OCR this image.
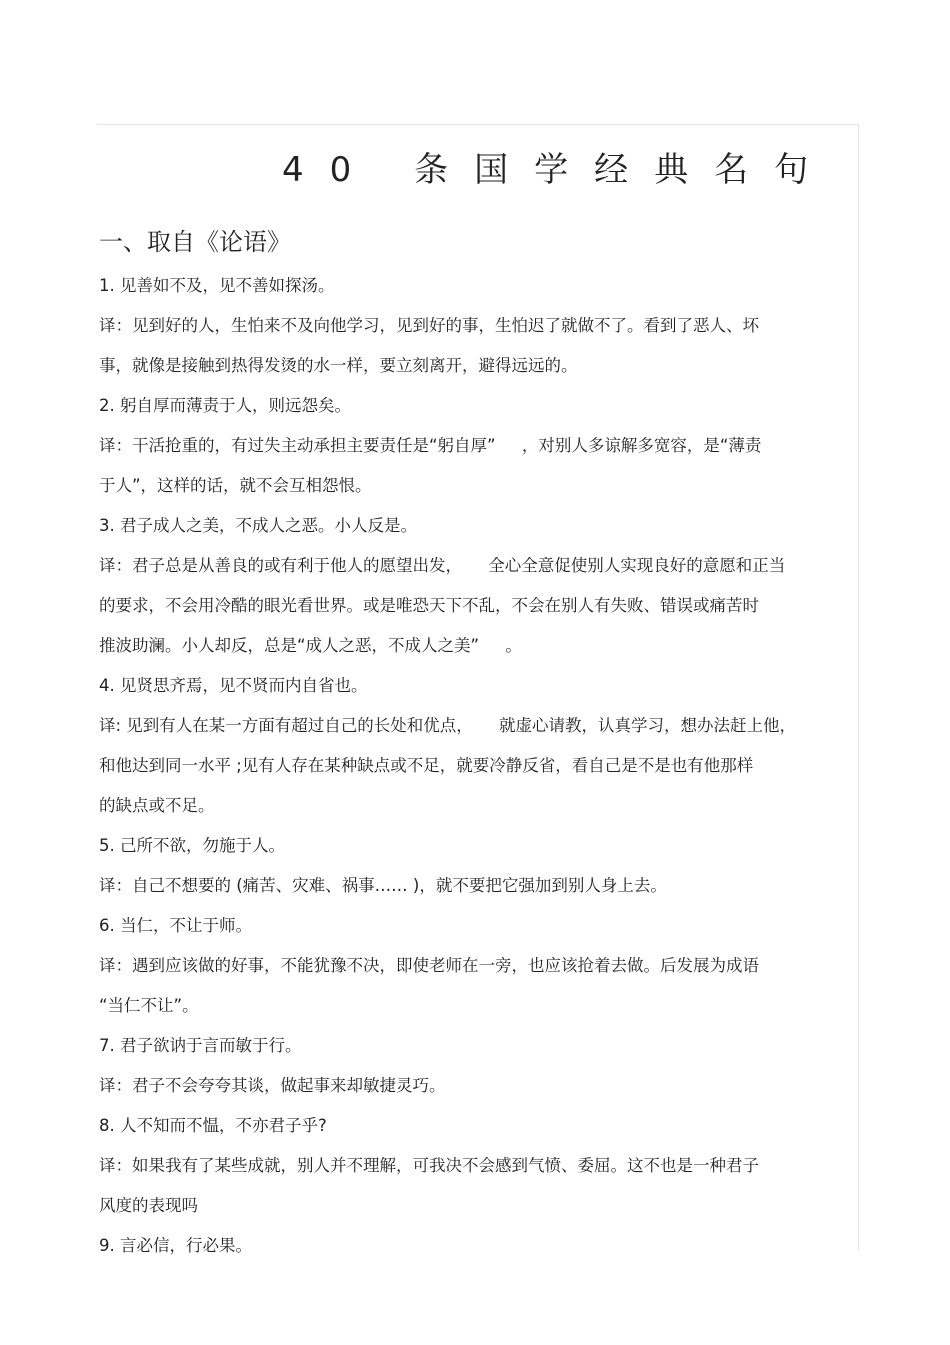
40 条国学经典名句
一、取自《论语》

1. 见善如不及，见不善如探汤。

译：见到好的人，生怕来不及向他学习，见到好的事，生怕迟了就做不了。看到了恶人、坏
事，就像是接触到热得发烫的水一样，要立刻离开，避得远远的。

2. 躬自厚而薄责于人，则远怨矣。

译：干活抢重的，有过失主动承担主要责任是“躬自厚”     ，对别人多谅解多宽容，是“薄责
于人”，这样的话，就不会互相怨恨。

3. 君子成人之美，不成人之恶。小人反是。

译：君子总是从善良的或有利于他人的愿望出发，     全心全意促使别人实现良好的意愿和正当
的要求，不会用冷酷的眼光看世界。或是唯恐天下不乱，不会在别人有失败、错误或痛苦时
推波助澜。小人却反，总是“成人之恶，不成人之美”     。

4. 见贤思齐焉，见不贤而内自省也。

译: 见到有人在某一方面有超过自己的长处和优点，     就虚心请教，认真学习，想办法赶上他，
和他达到同一水平 ;见有人存在某种缺点或不足，就要冷静反省，看自己是不是也有他那样
的缺点或不足。

5. 己所不欲，勿施于人。

译：自己不想要的 (痛苦、灾难、祸事…… )，就不要把它强加到别人身上去。

6. 当仁，不让于师。

译：遇到应该做的好事，不能犹豫不决，即使老师在一旁，也应该抢着去做。后发展为成语
“当仁不让”。

7. 君子欲讷于言而敏于行。

译：君子不会夸夸其谈，做起事来却敏捷灵巧。

8. 人不知而不愠，不亦君子乎?

译：如果我有了某些成就，别人并不理解，可我决不会感到气愤、委屈。这不也是一种君子
风度的表现吗

9. 言必信，行必果。
